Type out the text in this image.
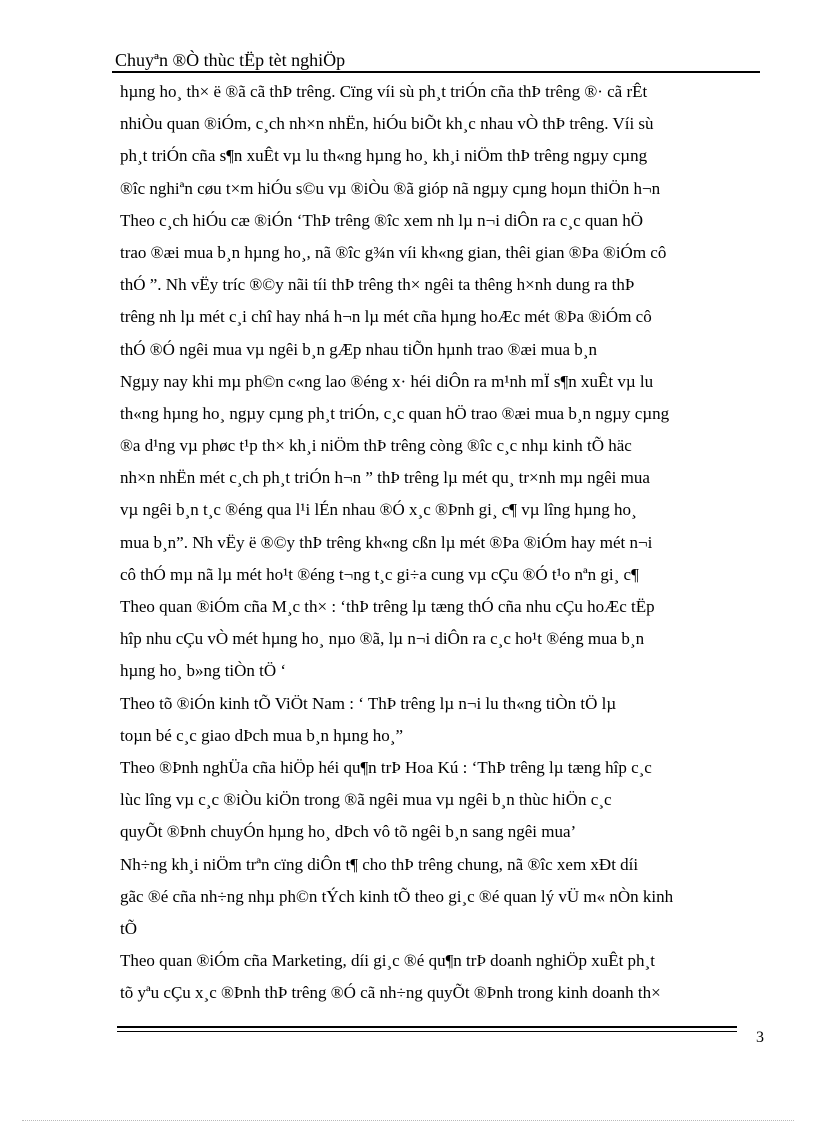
Chuyªn ®Ò thùc tËp tèt nghiÖp
hµng ho¸ th× ë ®ã cã thÞ trêng. Cïng víi sù ph¸t triÓn cña thÞ trêng ®· cã rÊt
nhiÒu quan ®iÓm, c¸ch nh×n nhËn, hiÓu biÕt kh¸c nhau vÒ thÞ trêng. Víi sù
ph¸t triÓn cña s¶n xuÊt vµ lu th«ng hµng ho¸ kh¸i niÖm thÞ trêng ngµy cµng
®îc nghiªn cøu t×m hiÓu s©u vµ ®iÒu ®ã gióp nã ngµy cµng hoµn thiÖn h¬n
Theo c¸ch hiÓu cæ ®iÓn ‘ThÞ trêng ®îc xem nh lµ n¬i diÔn ra c¸c quan hÖ
trao ®æi mua b¸n hµng ho¸, nã ®îc g¾n víi kh«ng gian, thêi gian ®Þa ®iÓm cô
thÓ ”. Nh vËy tríc ®©y nãi tíi thÞ trêng th× ngêi ta thêng h×nh dung ra thÞ
trêng nh lµ mét c¸i chî hay nhá h¬n lµ mét cña hµng hoÆc mét ®Þa ®iÓm cô
thÓ ®Ó ngêi mua vµ ngêi b¸n gÆp nhau tiÕn hµnh trao ®æi mua b¸n
Ngµy nay khi mµ ph©n c«ng lao ®éng x· héi diÔn ra m¹nh mÏ s¶n xuÊt vµ lu
th«ng hµng ho¸ ngµy cµng ph¸t triÓn, c¸c quan hÖ trao ®æi mua b¸n ngµy cµng
®a d¹ng vµ phøc t¹p th× kh¸i niÖm thÞ trêng còng ®îc c¸c nhµ kinh tÕ häc
nh×n nhËn mét c¸ch ph¸t triÓn h¬n ” thÞ trêng lµ mét qu¸ tr×nh mµ ngêi mua
vµ ngêi b¸n t¸c ®éng qua l¹i lÉn nhau ®Ó x¸c ®Þnh gi¸ c¶ vµ lîng hµng ho¸
mua b¸n”. Nh vËy ë ®©y thÞ trêng kh«ng cßn lµ mét ®Þa ®iÓm hay mét n¬i
cô thÓ mµ nã lµ mét ho¹t ®éng t¬ng t¸c gi÷a cung vµ cÇu ®Ó t¹o nªn gi¸ c¶
Theo quan ®iÓm cña M¸c th× : ‘thÞ trêng lµ tæng thÓ cña nhu cÇu hoÆc tËp
hîp nhu cÇu vÒ mét hµng ho¸ nµo ®ã, lµ n¬i diÔn ra c¸c ho¹t ®éng mua b¸n
hµng ho¸ b»ng tiÒn tÖ ‘
Theo tõ ®iÓn kinh tÕ ViÖt Nam : ‘ ThÞ trêng lµ n¬i lu th«ng tiÒn tÖ lµ
toµn bé c¸c giao dÞch mua b¸n hµng ho¸”
Theo ®Þnh nghÜa cña hiÖp héi qu¶n trÞ Hoa Kú : ‘ThÞ trêng lµ tæng hîp c¸c
lùc lîng vµ c¸c ®iÒu kiÖn trong ®ã ngêi mua vµ ngêi b¸n thùc hiÖn c¸c
quyÕt ®Þnh chuyÓn hµng ho¸ dÞch vô tõ ngêi b¸n sang ngêi mua’
Nh÷ng kh¸i niÖm trªn cïng diÔn t¶ cho thÞ trêng chung, nã ®îc xem xÐt díi
gãc ®é cña nh÷ng nhµ ph©n tÝch kinh tÕ theo gi¸c ®é quan lý vÜ m« nÒn kinh
tÕ
Theo quan ®iÓm cña Marketing, díi gi¸c ®é qu¶n trÞ doanh nghiÖp xuÊt ph¸t
tõ yªu cÇu x¸c ®Þnh thÞ trêng ®Ó cã nh÷ng quyÕt ®Þnh trong kinh doanh th×
3
